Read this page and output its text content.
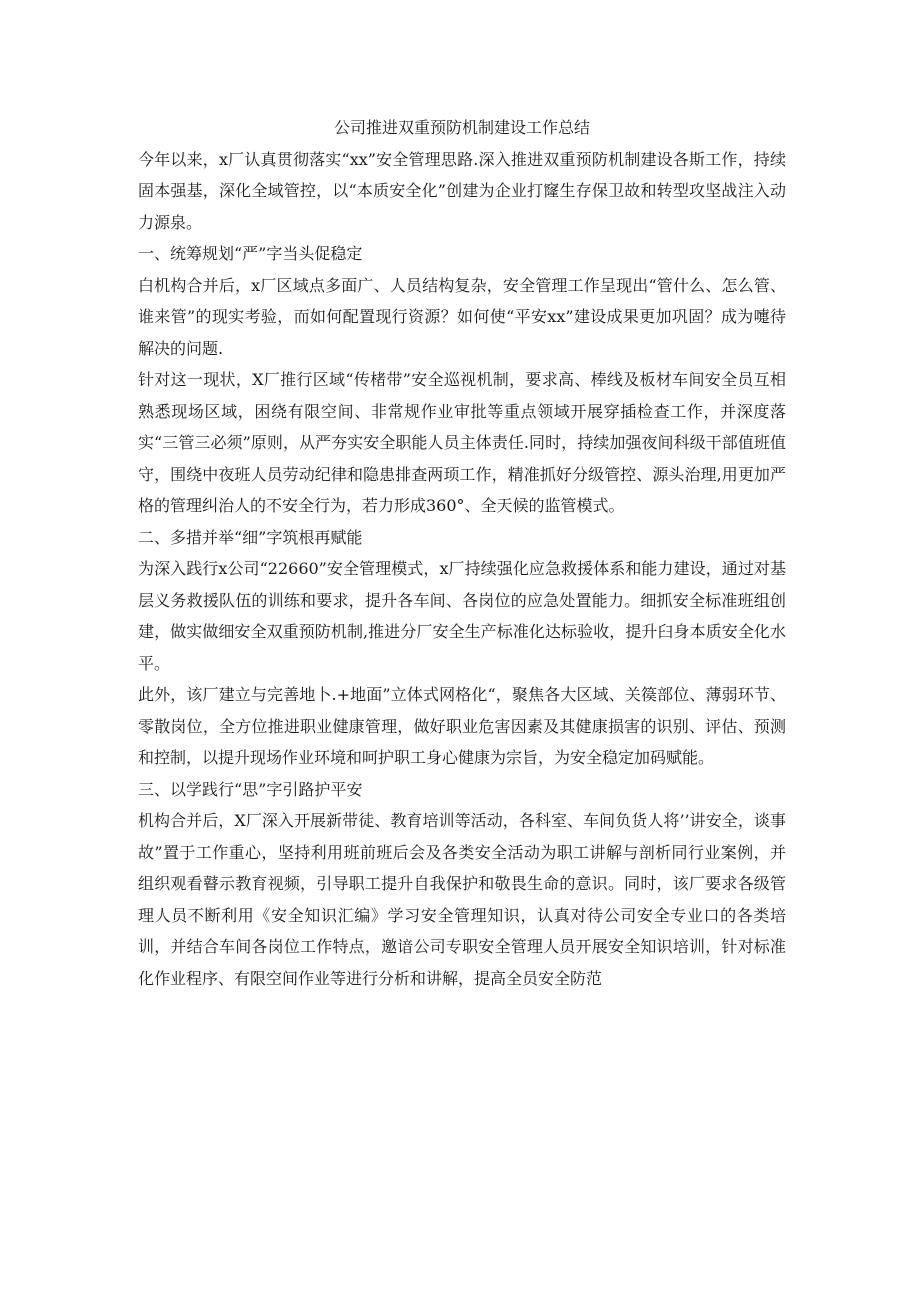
公司推进双重预防机制建设工作总结

今年以来，x厂认真贯彻落实“xx”安全管理思路.深入推进双重预防机制建设各斯工作，持续固本强基，深化全域管控，以“本质安全化”创建为企业打窿生存保卫故和转型攻坚战注入动力源泉。

一、统筹规划“严”字当头促稳定

白机构合并后，x厂区域点多面广、人员结构复杂，安全管理工作呈现出“管什么、怎么管、谁来管”的现实考验，而如何配置现行资源？如何使“平安xx”建设成果更加巩固？成为嚏待解决的问题.

针对这一现状，X厂推行区域“传楮带”安全巡视机制，要求高、棒线及板材车间安全员互相熟悉现场区域，困绕有限空间、非常规作业审批等重点领域开展穿插检查工作，并深度落实“三管三必须”原则，从严夯实安全职能人员主体责任.同时，持续加强夜间科级干部值班值守，围绕中夜班人员劳动纪律和隐患排查两顼工作，精准抓好分级管控、源头治理,用更加严格的管理纠治人的不安全行为，若力形成360°、全天候的监管模式。

二、多措并举“细”字筑根再赋能

为深入践行x公司“22660”安全管理模式，x厂持续强化应急救援体系和能力建设，通过对基层义务救援队伍的训练和要求，提升各车间、各岗位的应急处置能力。细抓安全标准班组创建，做实做细安全双重预防机制,推进分厂安全生产标准化达标验收，提升臼身本质安全化水平。

此外，该厂建立与完善地卜.+地面”立体式网格化“，聚焦各大区域、关篌部位、薄弱环节、零散岗位，全方位推进职业健康管理，做好职业危害因素及其健康损害的识别、评估、预测和控制，以提升现场作业环境和呵护职工身心健康为宗旨，为安全稳定加码赋能。

三、以学践行“思”字引路护平安

机构合并后，X厂深入开展新带徒、教育培训等活动，各科室、车间负货人将’’讲安全，谈事故”置于工作重心，坚持利用班前班后会及各类安全活动为职工讲解与剖析同行业案例，并组织观看瞽示教育视频，引导职工提升自我保护和敬畏生命的意识。同时，该厂要求各级管理人员不断利用《安全知识汇编》学习安全管理知识，认真对待公司安全专业口的各类培训，并结合车间各岗位工作特点，邀谙公司专职安全管理人员开展安全知识培训，针对标准化作业程序、有限空间作业等进行分析和讲解，提高全员安全防范
